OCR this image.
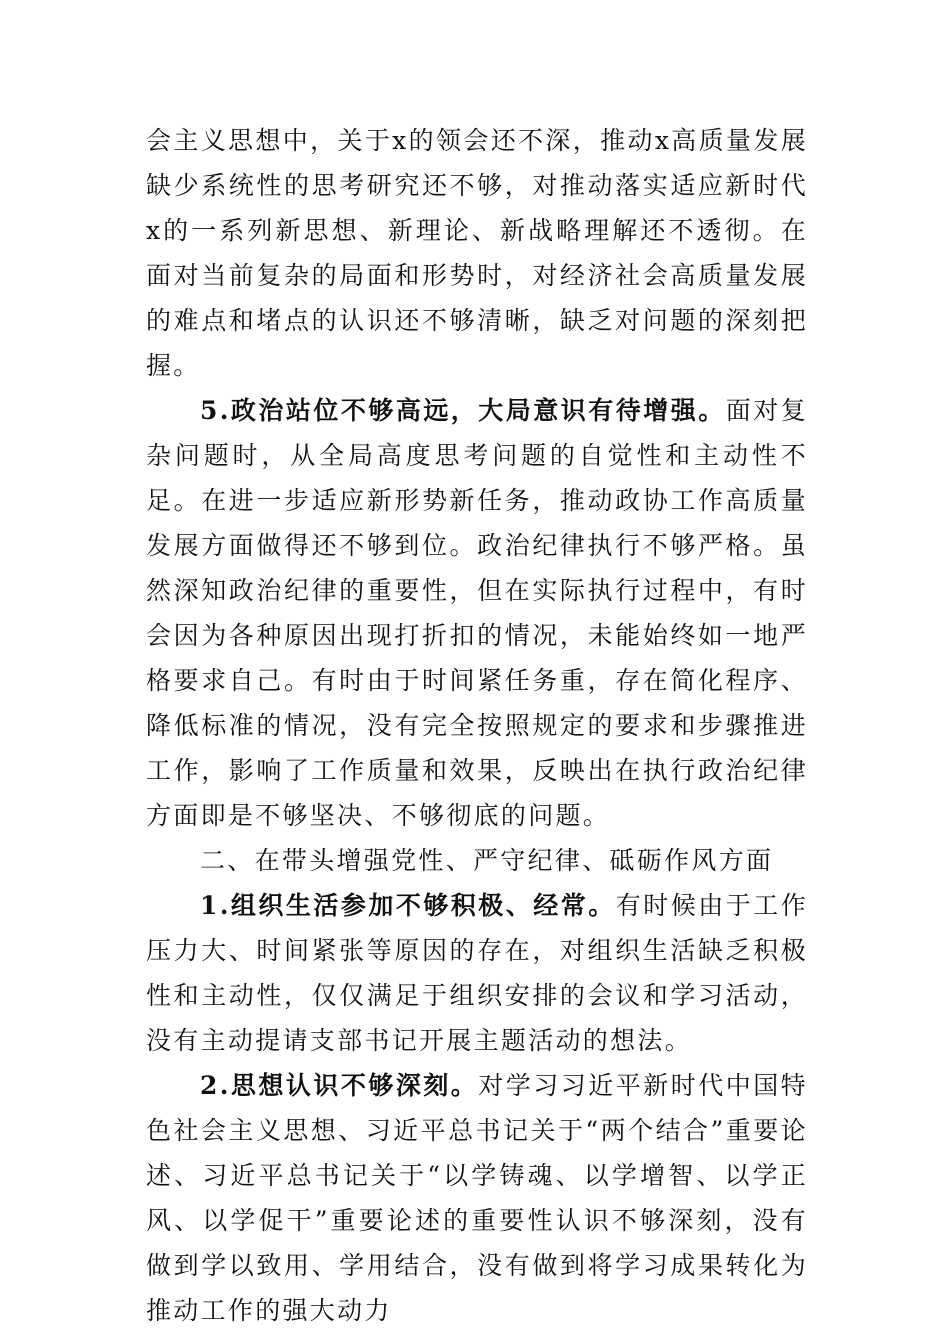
会主义思想中，关于x的领会还不深，推动x高质量发展缺少系统性的思考研究还不够，对推动落实适应新时代x的一系列新思想、新理论、新战略理解还不透彻。在面对当前复杂的局面和形势时，对经济社会高质量发展的难点和堵点的认识还不够清晰，缺乏对问题的深刻把握。

5.政治站位不够高远，大局意识有待增强。面对复杂问题时，从全局高度思考问题的自觉性和主动性不足。在进一步适应新形势新任务，推动政协工作高质量发展方面做得还不够到位。政治纪律执行不够严格。虽然深知政治纪律的重要性，但在实际执行过程中，有时会因为各种原因出现打折扣的情况，未能始终如一地严格要求自己。有时由于时间紧任务重，存在简化程序、降低标准的情况，没有完全按照规定的要求和步骤推进工作，影响了工作质量和效果，反映出在执行政治纪律方面即是不够坚决、不够彻底的问题。

二、在带头增强党性、严守纪律、砥砺作风方面

1.组织生活参加不够积极、经常。有时候由于工作压力大、时间紧张等原因的存在，对组织生活缺乏积极性和主动性，仅仅满足于组织安排的会议和学习活动，没有主动提请支部书记开展主题活动的想法。

2.思想认识不够深刻。对学习习近平新时代中国特色社会主义思想、习近平总书记关于“两个结合”重要论述、习近平总书记关于“以学铸魂、以学增智、以学正风、以学促干”重要论述的重要性认识不够深刻，没有做到学以致用、学用结合，没有做到将学习成果转化为推动工作的强大动力
